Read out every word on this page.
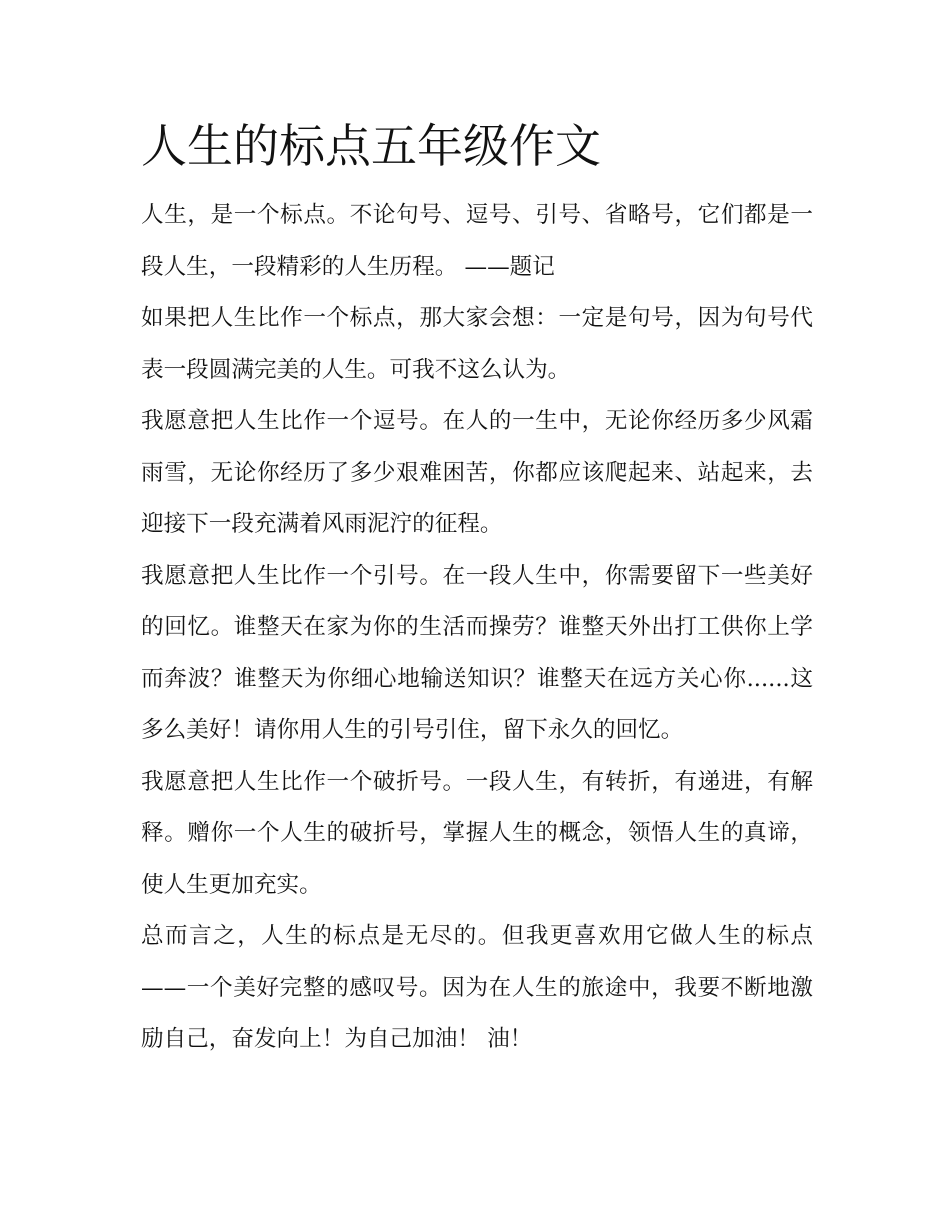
人生的标点五年级作文

人生，是一个标点。不论句号、逗号、引号、省略号，它们都是一段人生，一段精彩的人生历程。 ——题记

如果把人生比作一个标点，那大家会想：一定是句号，因为句号代表一段圆满完美的人生。可我不这么认为。

我愿意把人生比作一个逗号。在人的一生中，无论你经历多少风霜雨雪，无论你经历了多少艰难困苦，你都应该爬起来、站起来，去迎接下一段充满着风雨泥泞的征程。

我愿意把人生比作一个引号。在一段人生中，你需要留下一些美好的回忆。谁整天在家为你的生活而操劳？谁整天外出打工供你上学而奔波？谁整天为你细心地输送知识？谁整天在远方关心你......这多么美好！请你用人生的引号引住，留下永久的回忆。

我愿意把人生比作一个破折号。一段人生，有转折，有递进，有解释。赠你一个人生的破折号，掌握人生的概念，领悟人生的真谛，使人生更加充实。

总而言之，人生的标点是无尽的。但我更喜欢用它做人生的标点——一个美好完整的感叹号。因为在人生的旅途中，我要不断地激励自己，奋发向上！为自己加油！ 油！
